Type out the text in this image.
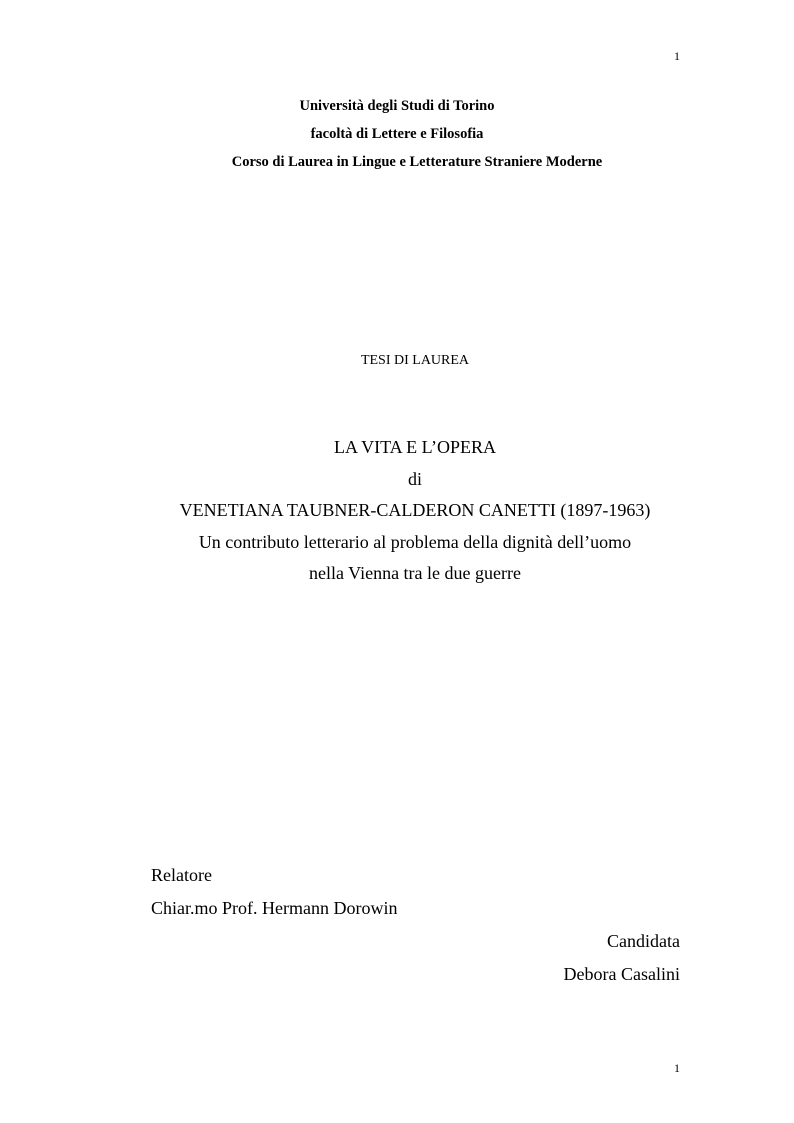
1
Università degli Studi di Torino
facoltà di Lettere e Filosofia
Corso di Laurea in Lingue e Letterature Straniere Moderne
TESI DI LAUREA
LA VITA E L’OPERA
di
VENETIANA TAUBNER-CALDERON CANETTI (1897-1963)
Un contributo letterario al problema della dignità dell’uomo
nella Vienna tra le due guerre
Relatore
Chiar.mo Prof. Hermann Dorowin
Candidata
Debora Casalini
1
